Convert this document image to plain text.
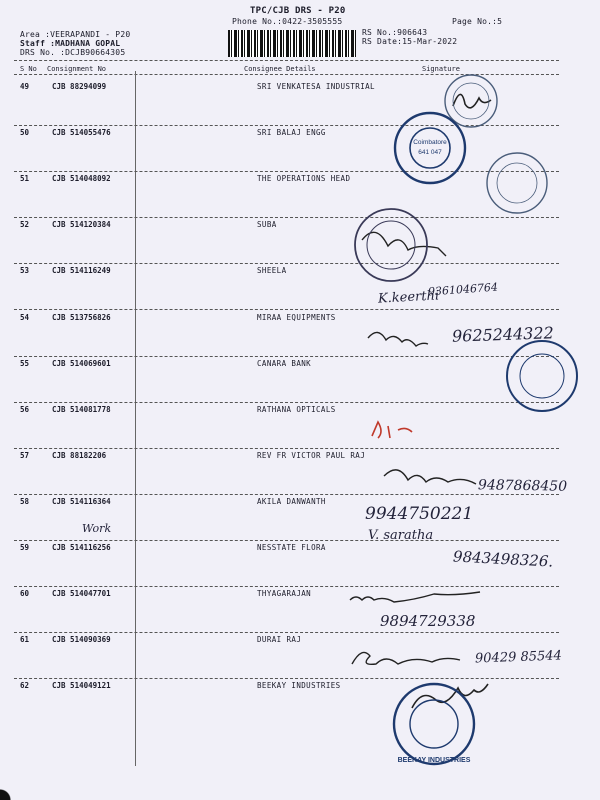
TPC/CJB DRS - P20
Phone No.:0422-3505555
Area :VEERAPANDI - P20
Staff :MADHANA GOPAL
DRS No. :DCJB90664305
RS No.:906643
RS Date:15-Mar-2022
Page No.:5
S No Consignment No	Consignee Details	Signature
49	CJB 88294099	SRI VENKATESA INDUSTRIAL
50	CJB 514055476	SRI BALAJ ENGG
51	CJB 514048092	THE OPERATIONS HEAD
52	CJB 514120384	SUBA
53	CJB 514116249	SHEELA
54	CJB 513756826	MIRAA EQUIPMENTS
55	CJB 514069601	CANARA BANK
56	CJB 514081778	RATHANA OPTICALS
57	CJB 88182206	REV FR VICTOR PAUL RAJ
58	CJB 514116364	AKILA DANWANTH
59	CJB 514116256	NESSTATE FLORA
60	CJB 514047701	THYAGARAJAN
61	CJB 514090369	DURAI RAJ
62	CJB 514049121	BEEKAY INDUSTRIES
K.keerthi
9361046764
9625244322
9487868450
9944750221
Work	V. saratha
9843498326.
9894729338
90429 85544
Coimbatore
641 047
BEEKAY INDUSTRIES
